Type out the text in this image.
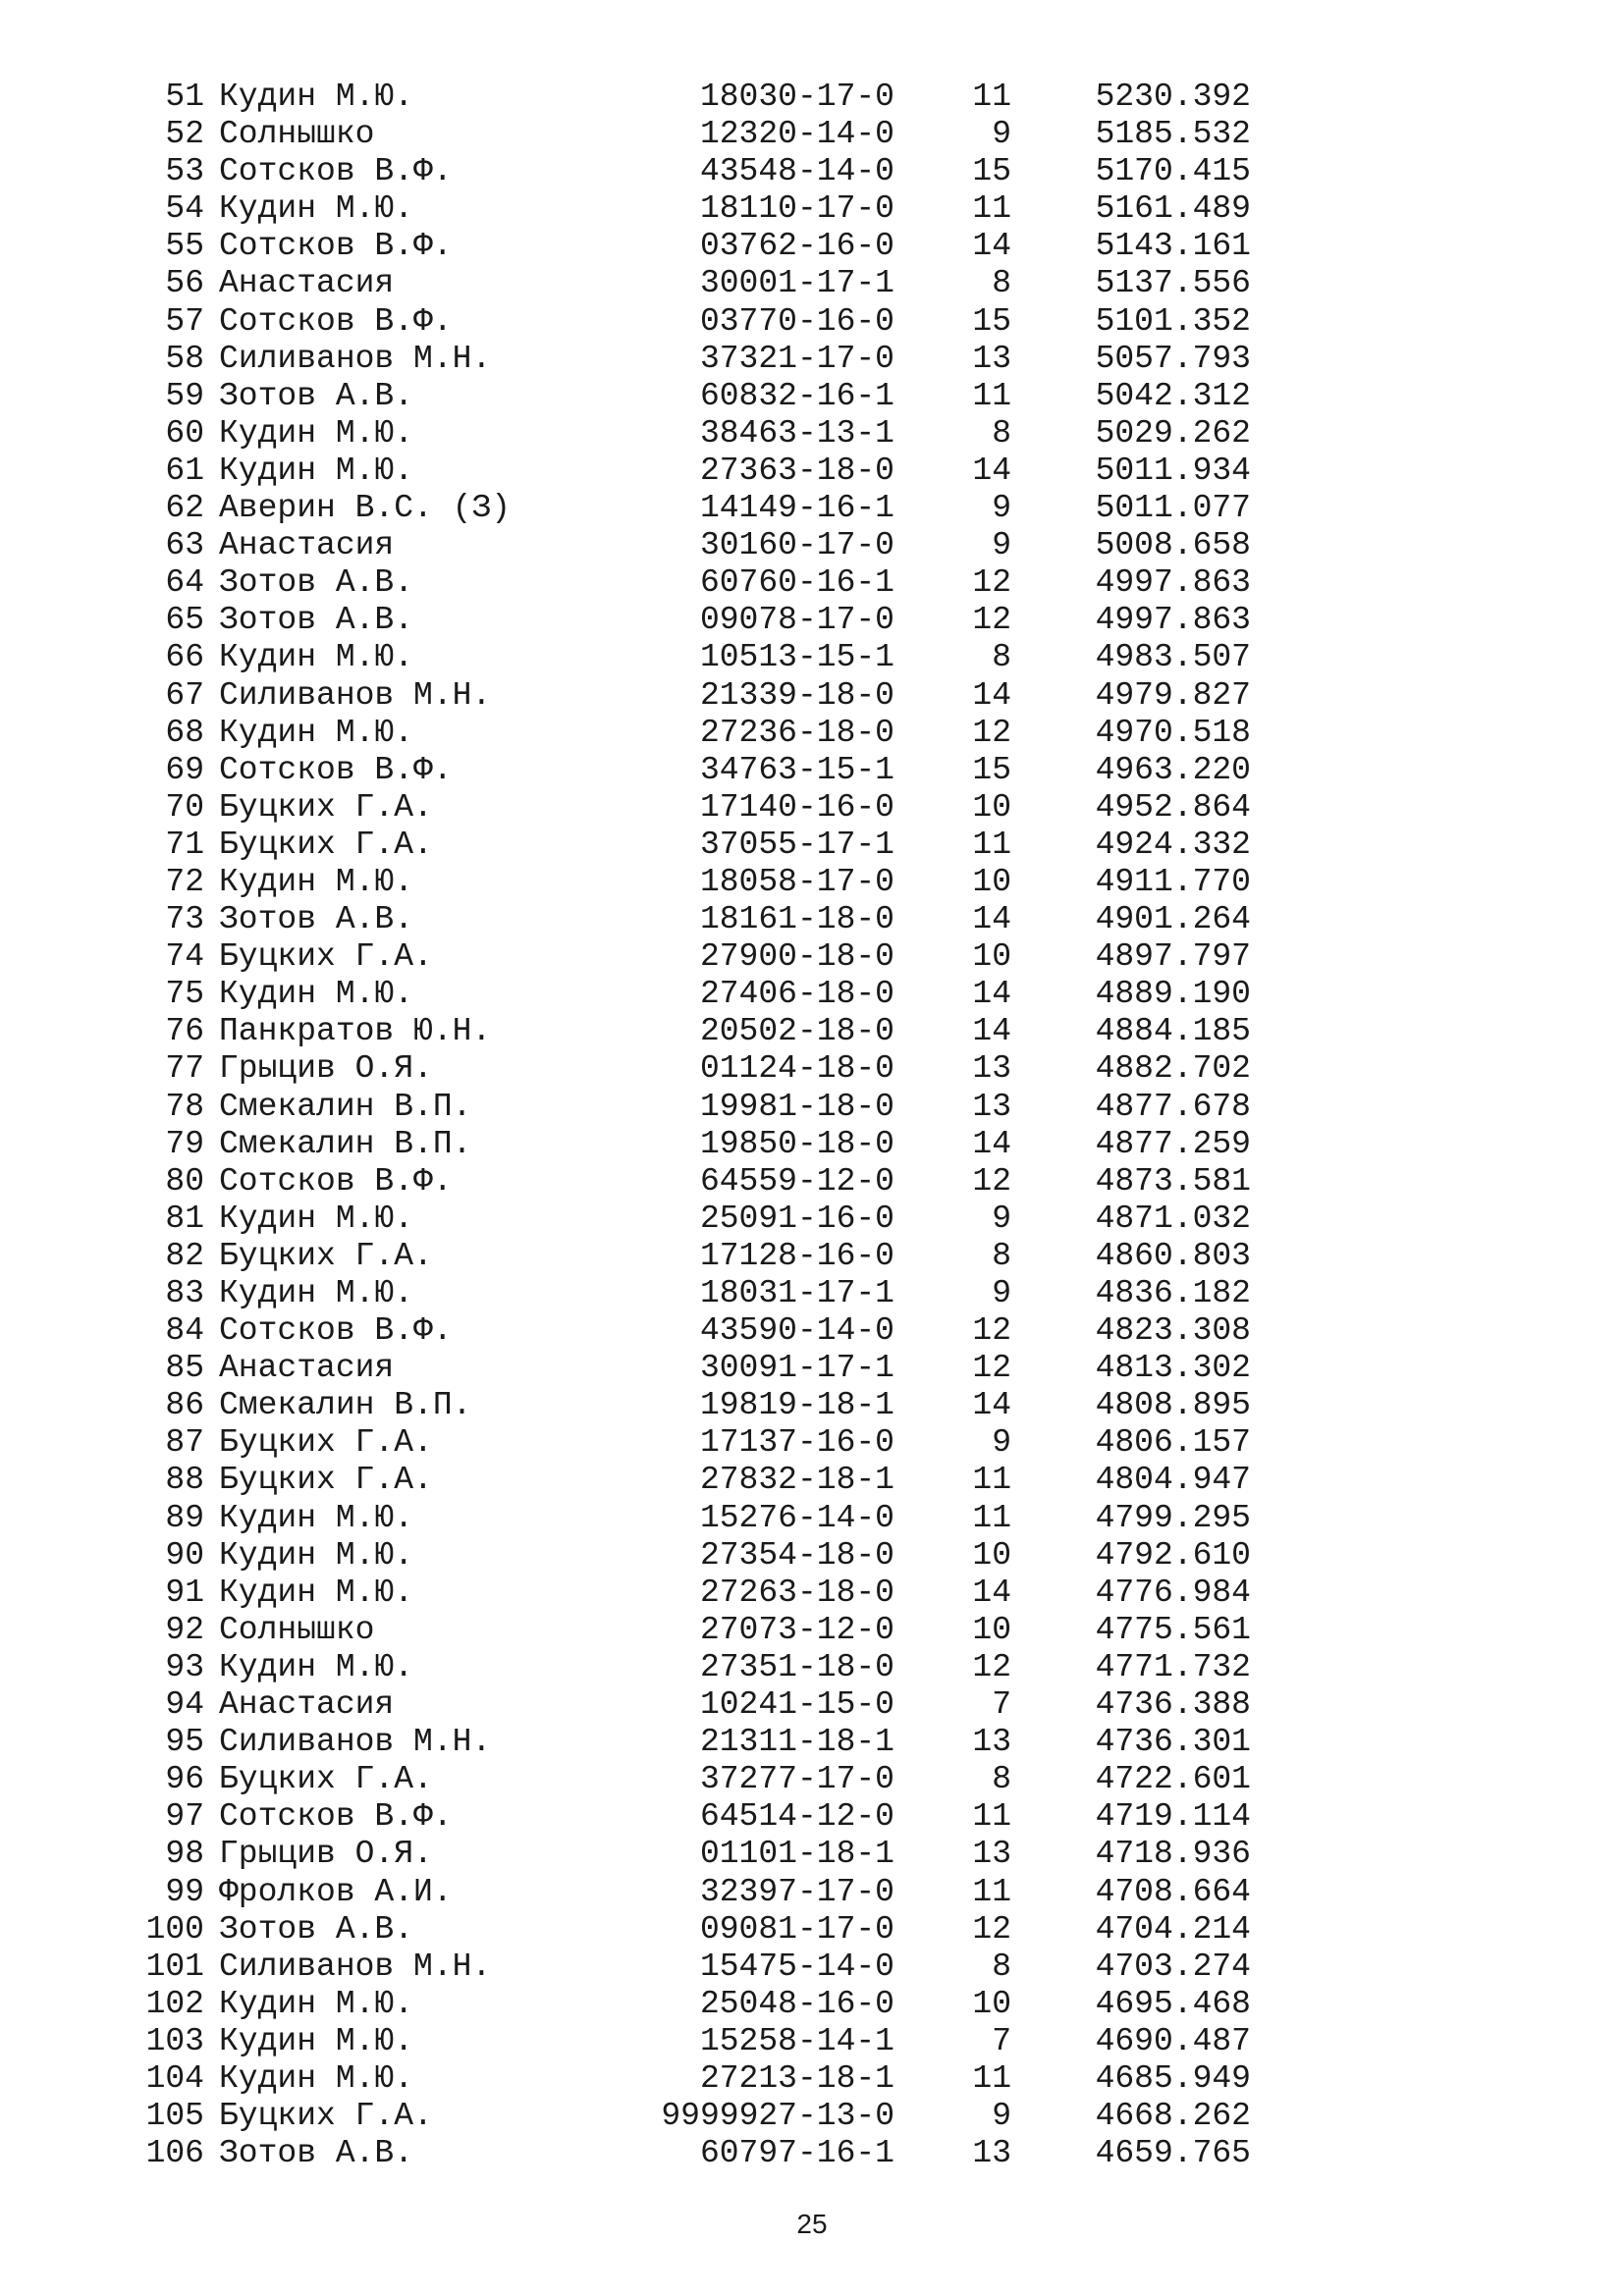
51 Кудин М.Ю.	18030-17-0	11	5230.392
52 Солнышко	12320-14-0	9	5185.532
53 Сотсков В.Ф.	43548-14-0	15	5170.415
54 Кудин М.Ю.	18110-17-0	11	5161.489
55 Сотсков В.Ф.	03762-16-0	14	5143.161
56 Анастасия	30001-17-1	8	5137.556
57 Сотсков В.Ф.	03770-16-0	15	5101.352
58 Силиванов М.Н.	37321-17-0	13	5057.793
59 Зотов А.В.	60832-16-1	11	5042.312
60 Кудин М.Ю.	38463-13-1	8	5029.262
61 Кудин М.Ю.	27363-18-0	14	5011.934
62 Аверин В.С. (З)	14149-16-1	9	5011.077
63 Анастасия	30160-17-0	9	5008.658
64 Зотов А.В.	60760-16-1	12	4997.863
65 Зотов А.В.	09078-17-0	12	4997.863
66 Кудин М.Ю.	10513-15-1	8	4983.507
67 Силиванов М.Н.	21339-18-0	14	4979.827
68 Кудин М.Ю.	27236-18-0	12	4970.518
69 Сотсков В.Ф.	34763-15-1	15	4963.220
70 Буцких Г.А.	17140-16-0	10	4952.864
71 Буцких Г.А.	37055-17-1	11	4924.332
72 Кудин М.Ю.	18058-17-0	10	4911.770
73 Зотов А.В.	18161-18-0	14	4901.264
74 Буцких Г.А.	27900-18-0	10	4897.797
75 Кудин М.Ю.	27406-18-0	14	4889.190
76 Панкратов Ю.Н.	20502-18-0	14	4884.185
77 Грыцив О.Я.	01124-18-0	13	4882.702
78 Смекалин В.П.	19981-18-0	13	4877.678
79 Смекалин В.П.	19850-18-0	14	4877.259
80 Сотсков В.Ф.	64559-12-0	12	4873.581
81 Кудин М.Ю.	25091-16-0	9	4871.032
82 Буцких Г.А.	17128-16-0	8	4860.803
83 Кудин М.Ю.	18031-17-1	9	4836.182
84 Сотсков В.Ф.	43590-14-0	12	4823.308
85 Анастасия	30091-17-1	12	4813.302
86 Смекалин В.П.	19819-18-1	14	4808.895
87 Буцких Г.А.	17137-16-0	9	4806.157
88 Буцких Г.А.	27832-18-1	11	4804.947
89 Кудин М.Ю.	15276-14-0	11	4799.295
90 Кудин М.Ю.	27354-18-0	10	4792.610
91 Кудин М.Ю.	27263-18-0	14	4776.984
92 Солнышко	27073-12-0	10	4775.561
93 Кудин М.Ю.	27351-18-0	12	4771.732
94 Анастасия	10241-15-0	7	4736.388
95 Силиванов М.Н.	21311-18-1	13	4736.301
96 Буцких Г.А.	37277-17-0	8	4722.601
97 Сотсков В.Ф.	64514-12-0	11	4719.114
98 Грыцив О.Я.	01101-18-1	13	4718.936
99 Фролков А.И.	32397-17-0	11	4708.664
100 Зотов А.В.	09081-17-0	12	4704.214
101 Силиванов М.Н.	15475-14-0	8	4703.274
102 Кудин М.Ю.	25048-16-0	10	4695.468
103 Кудин М.Ю.	15258-14-1	7	4690.487
104 Кудин М.Ю.	27213-18-1	11	4685.949
105 Буцких Г.А.	9999927-13-0	9	4668.262
106 Зотов А.В.	60797-16-1	13	4659.765
25
